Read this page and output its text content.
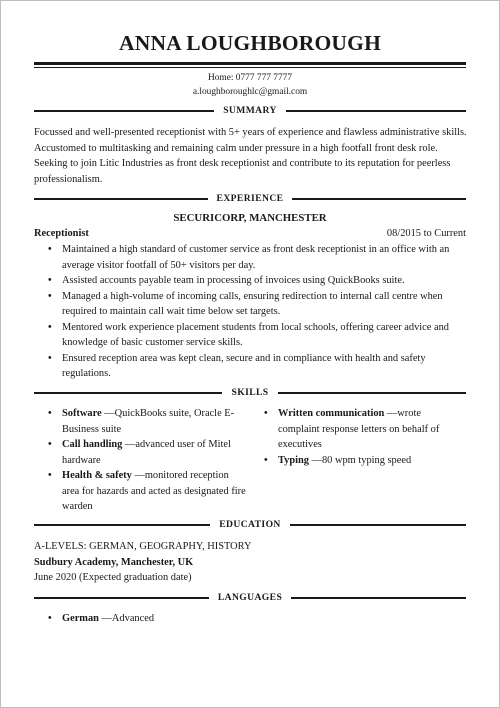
ANNA LOUGHBOROUGH
Home: 0777 777 7777
a.loughboroughlc@gmail.com
SUMMARY
Focussed and well-presented receptionist with 5+ years of experience and flawless administrative skills. Accustomed to multitasking and remaining calm under pressure in a high footfall front desk role. Seeking to join Litic Industries as front desk receptionist and contribute to its reputation for peerless professionalism.
EXPERIENCE
SECURICORP, MANCHESTER
Receptionist	08/2015 to Current
• Maintained a high standard of customer service as front desk receptionist in an office with an average visitor footfall of 50+ visitors per day.
• Assisted accounts payable team in processing of invoices using QuickBooks suite.
• Managed a high-volume of incoming calls, ensuring redirection to internal call centre when required to maintain call wait time below set targets.
• Mentored work experience placement students from local schools, offering career advice and knowledge of basic customer service skills.
• Ensured reception area was kept clean, secure and in compliance with health and safety regulations.
SKILLS
• Software —QuickBooks suite, Oracle E-Business suite
• Call handling —advanced user of Mitel hardware
• Health & safety —monitored reception area for hazards and acted as designated fire warden
• Written communication —wrote complaint response letters on behalf of executives
• Typing —80 wpm typing speed
EDUCATION
A-LEVELS: GERMAN, GEOGRAPHY, HISTORY
Sudbury Academy, Manchester, UK
June 2020 (Expected graduation date)
LANGUAGES
• German —Advanced
